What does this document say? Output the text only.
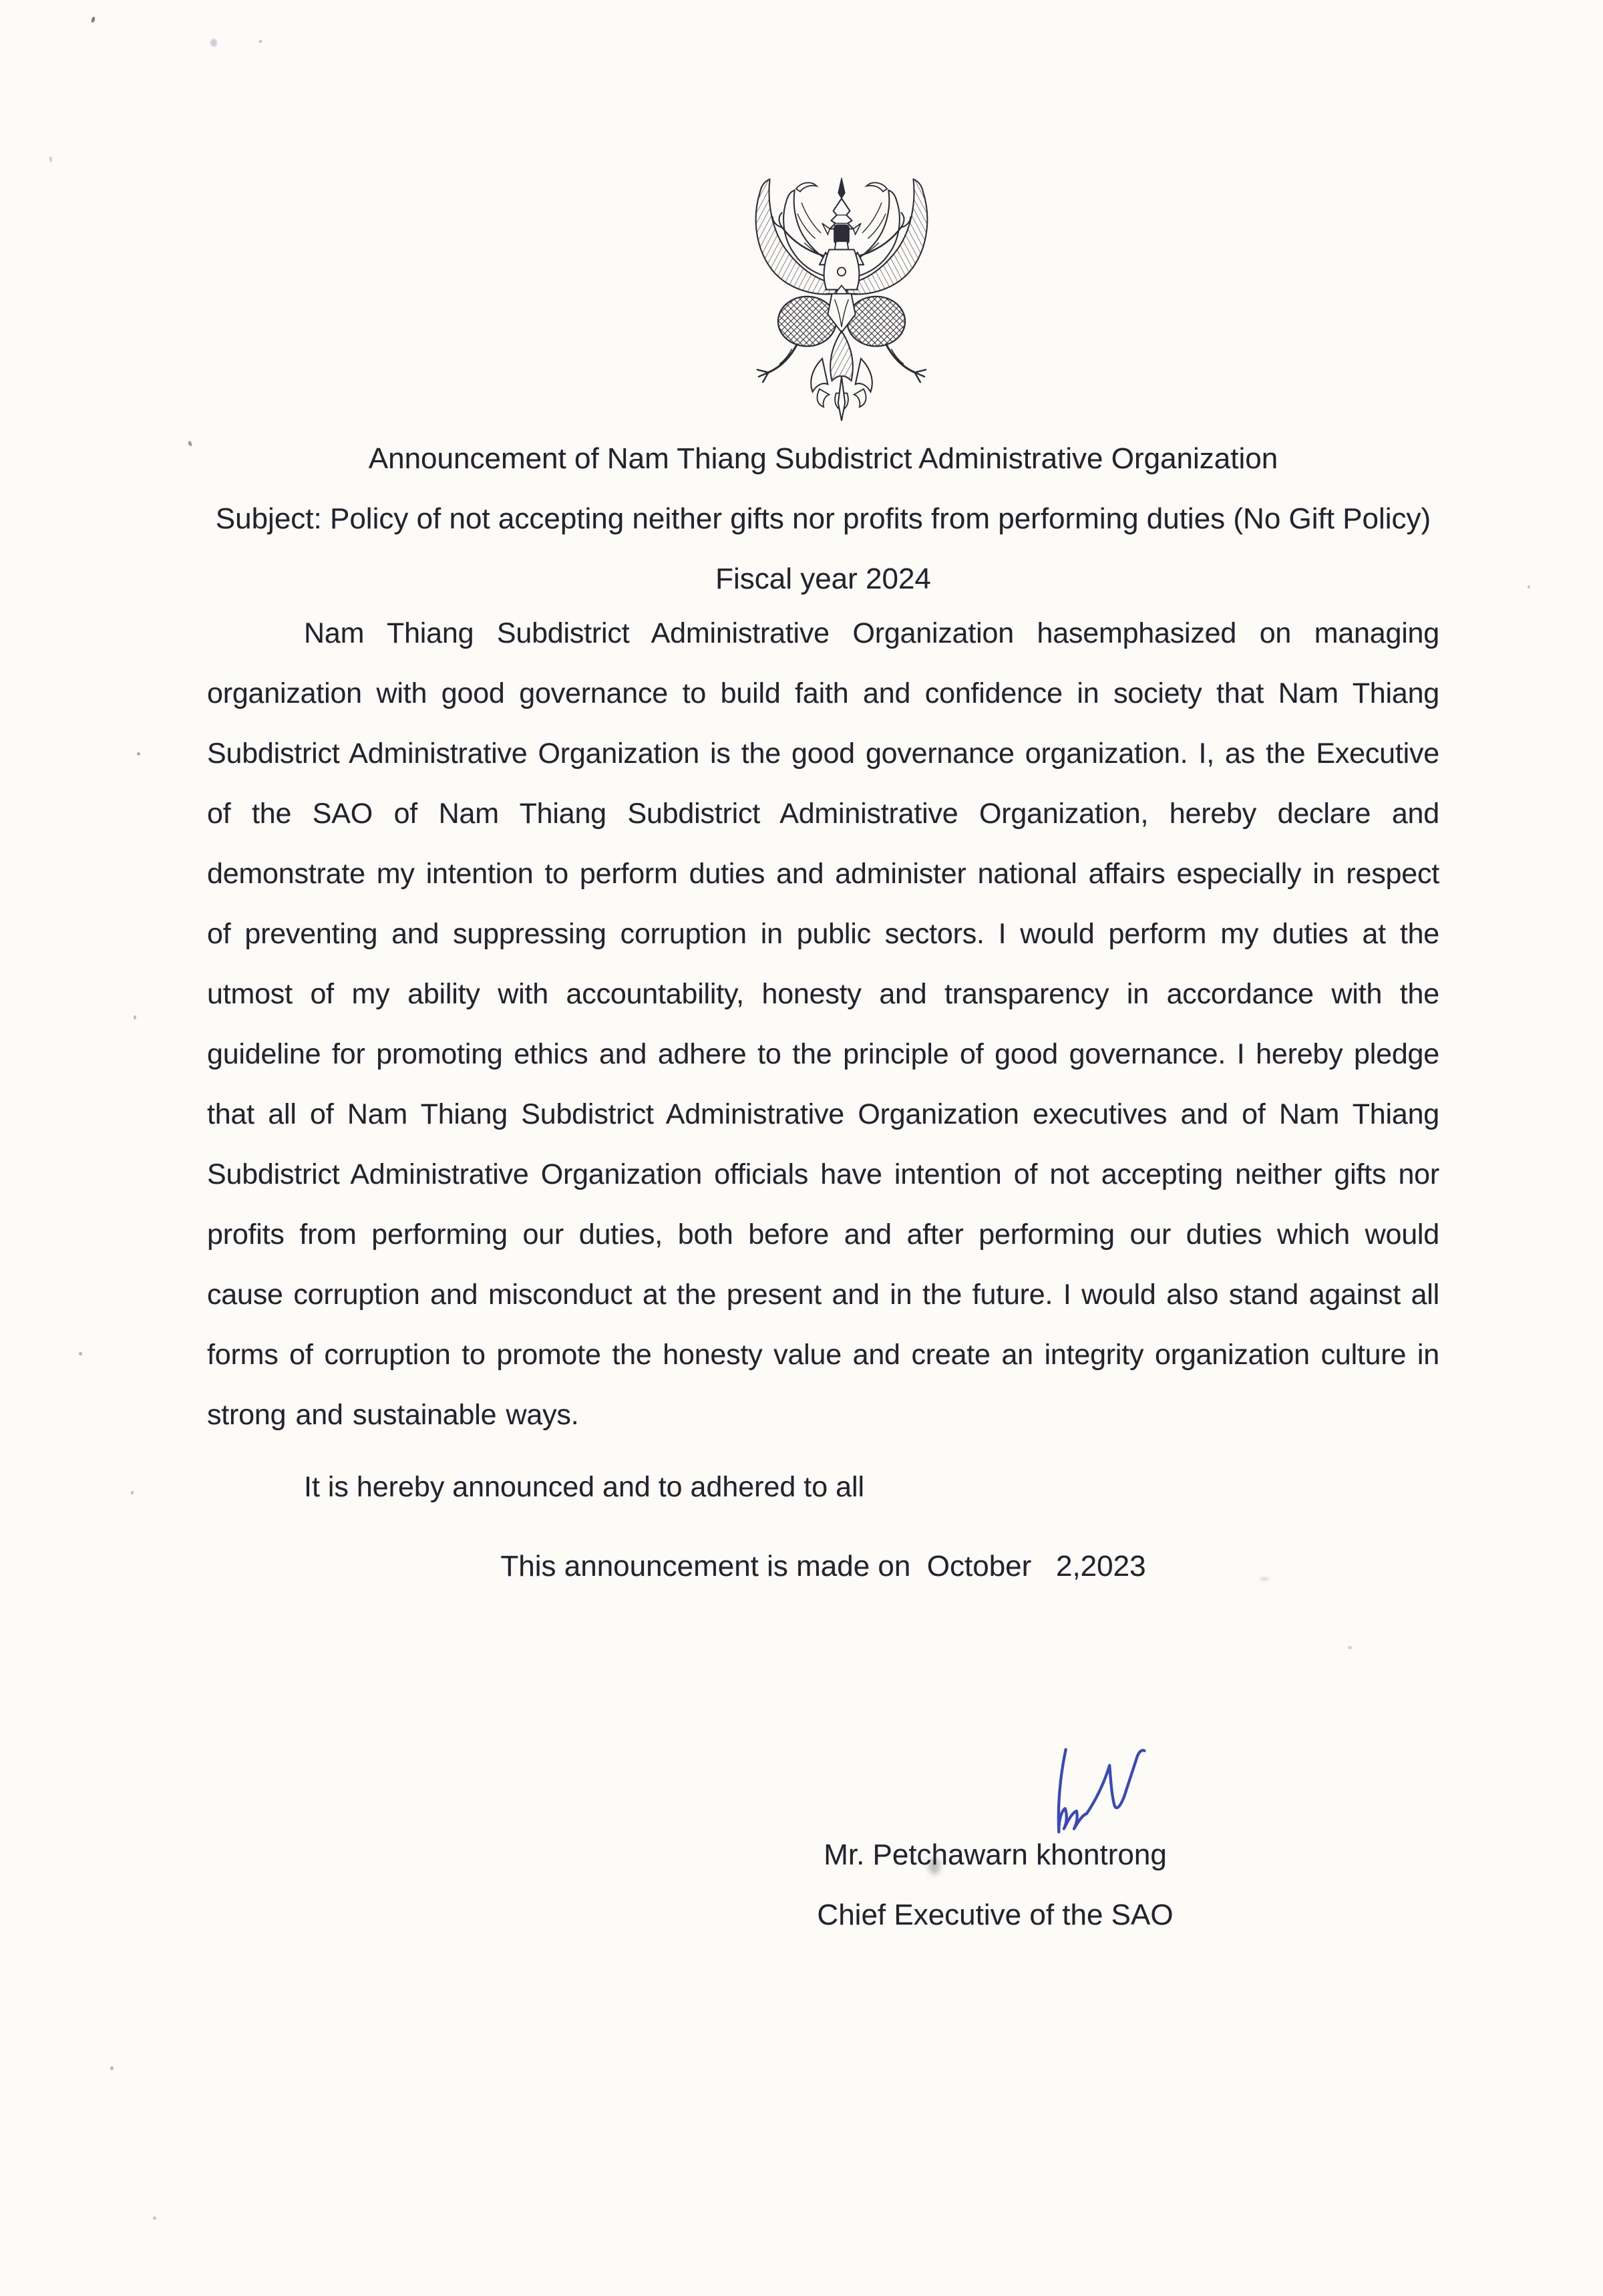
Announcement of Nam Thiang Subdistrict Administrative Organization
Subject: Policy of not accepting neither gifts nor profits from performing duties (No Gift Policy)
Fiscal year 2024

Nam Thiang Subdistrict Administrative Organization hasemphasized on managing organization with good governance to build faith and confidence in society that Nam Thiang Subdistrict Administrative Organization is the good governance organization. I, as the Executive of the SAO of Nam Thiang Subdistrict Administrative Organization, hereby declare and demonstrate my intention to perform duties and administer national affairs especially in respect of preventing and suppressing corruption in public sectors. I would perform my duties at the utmost of my ability with accountability, honesty and transparency in accordance with the guideline for promoting ethics and adhere to the principle of good governance. I hereby pledge that all of Nam Thiang Subdistrict Administrative Organization executives and of Nam Thiang Subdistrict Administrative Organization officials have intention of not accepting neither gifts nor profits from performing our duties, both before and after performing our duties which would cause corruption and misconduct at the present and in the future. I would also stand against all forms of corruption to promote the honesty value and create an integrity organization culture in strong and sustainable ways.

It is hereby announced and to adhered to all
This announcement is made on  October   2,2023
Mr. Petchawarn khontrong
Chief Executive of the SAO
